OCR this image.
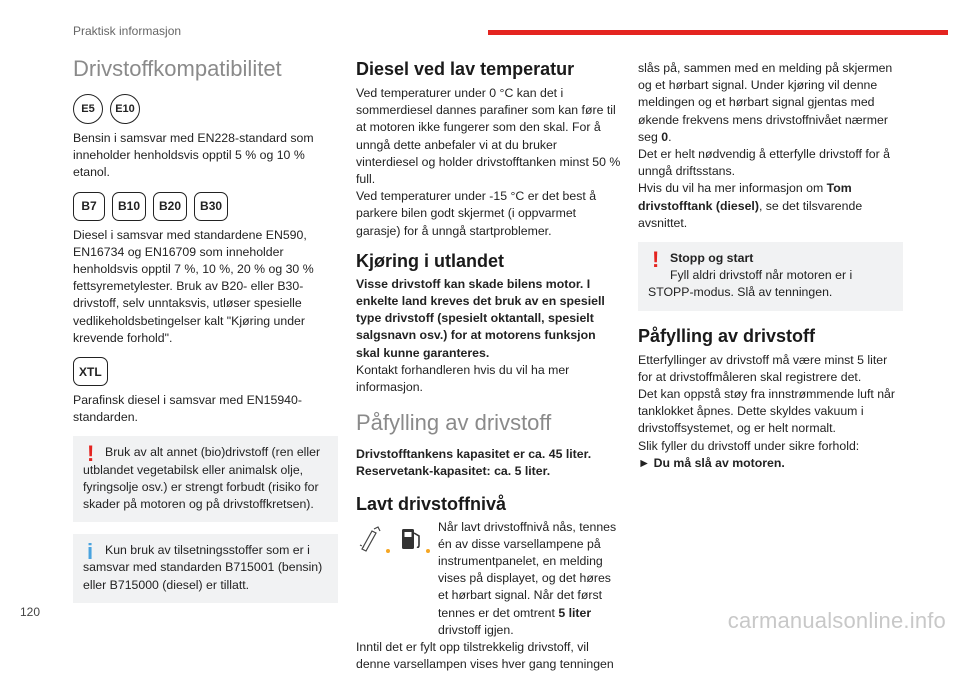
Praktisk informasjon
Drivstoffkompatibilitet
E5	E10

Bensin i samsvar med EN228-standard som inneholder henholdsvis opptil 5 % og 10 % etanol.

B7	B10	B20	B30

Diesel i samsvar med standardene EN590, EN16734 og EN16709 som inneholder henholdsvis opptil 7 %, 10 %, 20 % og 30 % fettsyremetylester. Bruk av B20- eller B30-drivstoff, selv unntaksvis, utløser spesielle vedlikeholdsbetingelser kalt "Kjøring under krevende forhold".

XTL

Parafinsk diesel i samsvar med EN15940-standarden.

! Bruk av alt annet (bio)drivstoff (ren eller utblandet vegetabilsk eller animalsk olje, fyringsolje osv.) er strengt forbudt (risiko for skader på motoren og på drivstoffkretsen).

i Kun bruk av tilsetningsstoffer som er i samsvar med standarden B715001 (bensin) eller B715000 (diesel) er tillatt.

Diesel ved lav temperatur

Ved temperaturer under 0 °C kan det i sommerdiesel dannes parafiner som kan føre til at motoren ikke fungerer som den skal. For å unngå dette anbefaler vi at du bruker vinterdiesel og holder drivstofftanken minst 50 % full.

Ved temperaturer under -15 °C er det best å parkere bilen godt skjermet (i oppvarmet garasje) for å unngå startproblemer.

Kjøring i utlandet

Visse drivstoff kan skade bilens motor. I enkelte land kreves det bruk av en spesiell type drivstoff (spesielt oktantall, spesielt salgsnavn osv.) for at motorens funksjon skal kunne garanteres.

Kontakt forhandleren hvis du vil ha mer informasjon.

Påfylling av drivstoff

Drivstofftankens kapasitet er ca. 45 liter.

Reservetank-kapasitet: ca. 5 liter.

Lavt drivstoffnivå

Når lavt drivstoffnivå nås, tennes én av disse varsellampene på instrumentpanelet, en melding vises på displayet, og det høres et hørbart signal. Når det først tennes er det omtrent 5 liter drivstoff igjen.

Inntil det er fylt opp tilstrekkelig drivstoff, vil denne varsellampen vises hver gang tenningen

slås på, sammen med en melding på skjermen og et hørbart signal. Under kjøring vil denne meldingen og et hørbart signal gjentas med økende frekvens mens drivstoffnivået nærmer seg 0.

Det er helt nødvendig å etterfylle drivstoff for å unngå driftsstans.

Hvis du vil ha mer informasjon om Tom drivstofftank (diesel), se det tilsvarende avsnittet.

! Stopp og start

Fyll aldri drivstoff når motoren er i STOPP-modus. Slå av tenningen.

Påfylling av drivstoff

Etterfyllinger av drivstoff må være minst 5 liter for at drivstoffmåleren skal registrere det.

Det kan oppstå støy fra innstrømmende luft når tanklokket åpnes. Dette skyldes vakuum i drivstoffsystemet, og er helt normalt.

Slik fyller du drivstoff under sikre forhold:

► Du må slå av motoren.

120	carmanualsonline.info
